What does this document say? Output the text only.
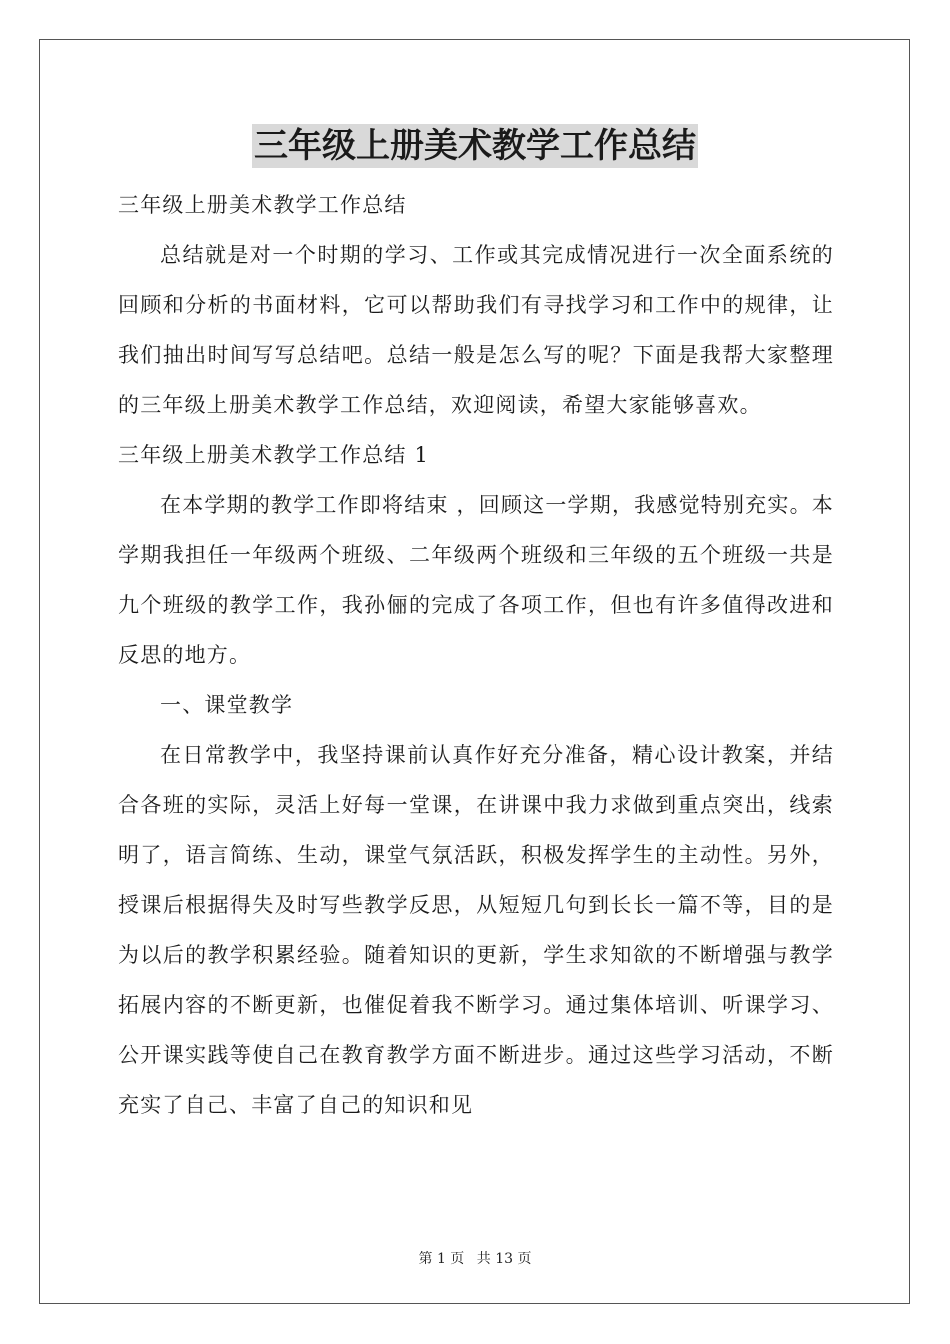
三年级上册美术教学工作总结

三年级上册美术教学工作总结

总结就是对一个时期的学习、工作或其完成情况进行一次全面系统的回顾和分析的书面材料，它可以帮助我们有寻找学习和工作中的规律，让我们抽出时间写写总结吧。总结一般是怎么写的呢？下面是我帮大家整理的三年级上册美术教学工作总结，欢迎阅读，希望大家能够喜欢。

三年级上册美术教学工作总结 1

在本学期的教学工作即将结束 ，回顾这一学期，我感觉特别充实。本学期我担任一年级两个班级、二年级两个班级和三年级的五个班级一共是九个班级的教学工作，我孙俪的完成了各项工作，但也有许多值得改进和反思的地方。

一、课堂教学

在日常教学中，我坚持课前认真作好充分准备，精心设计教案，并结合各班的实际，灵活上好每一堂课，在讲课中我力求做到重点突出，线索明了，语言简练、生动，课堂气氛活跃，积极发挥学生的主动性。另外，授课后根据得失及时写些教学反思，从短短几句到长长一篇不等，目的是为以后的教学积累经验。随着知识的更新，学生求知欲的不断增强与教学拓展内容的不断更新，也催促着我不断学习。通过集体培训、听课学习、公开课实践等使自己在教育教学方面不断进步。通过这些学习活动，不断充实了自己、丰富了自己的知识和见

第 1 页 共 13 页
